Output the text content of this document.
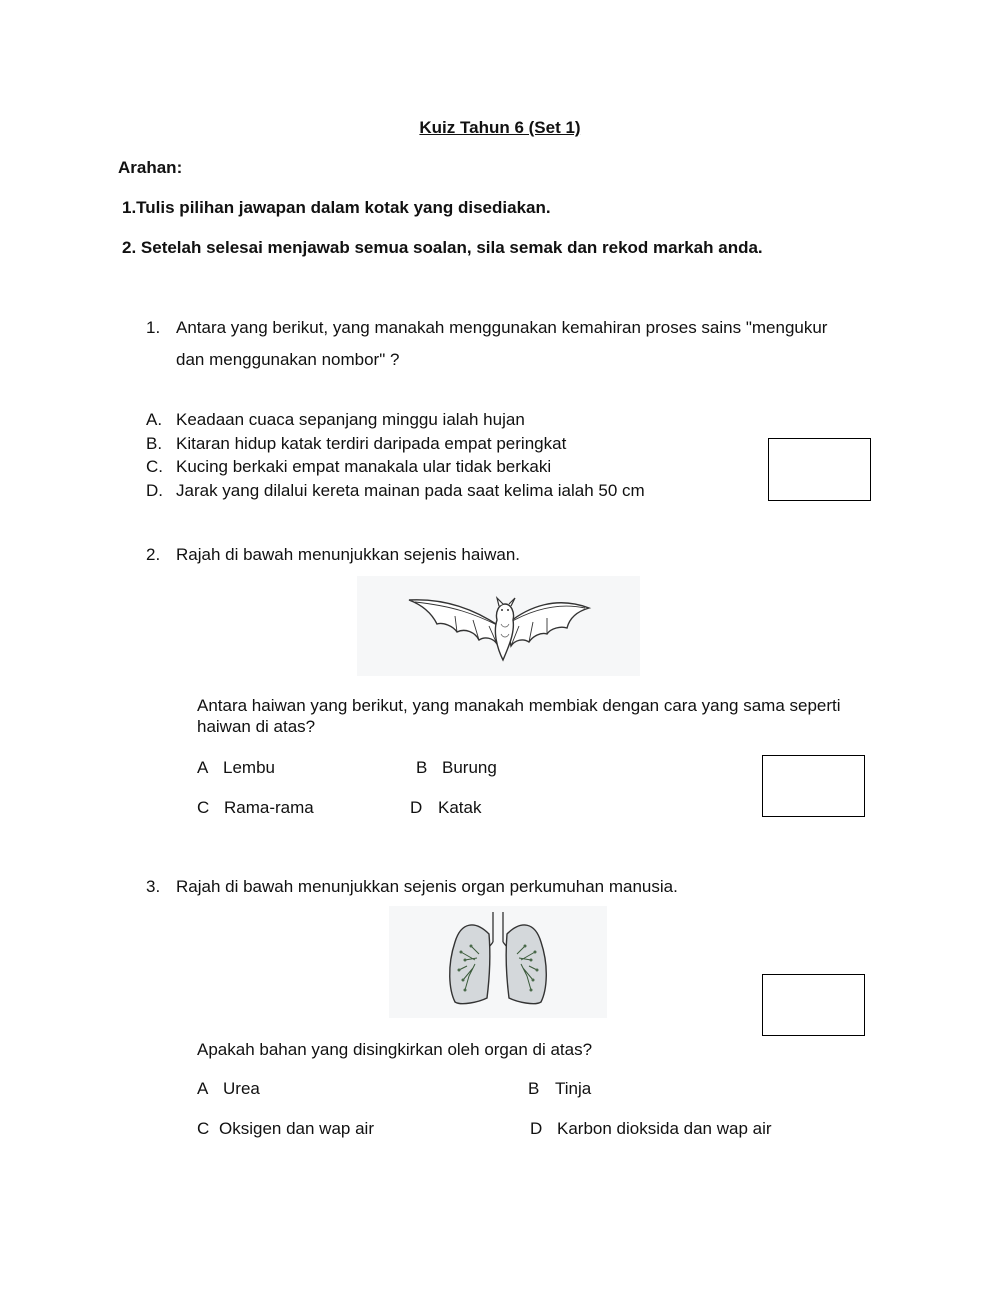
Kuiz Tahun 6 (Set 1)
Arahan:
1.Tulis pilihan jawapan dalam kotak yang disediakan.
2. Setelah selesai menjawab semua soalan, sila semak dan rekod markah anda.
1. Antara yang berikut, yang manakah menggunakan kemahiran proses sains "mengukur
dan menggunakan nombor" ?
A. Keadaan cuaca sepanjang minggu ialah hujan
B. Kitaran hidup katak terdiri daripada empat peringkat
C. Kucing berkaki empat manakala ular tidak berkaki
D. Jarak yang dilalui kereta mainan pada saat kelima ialah 50 cm
2. Rajah di bawah menunjukkan sejenis haiwan.
Antara haiwan yang berikut, yang manakah membiak dengan cara yang sama seperti
haiwan di atas?
A Lembu	B Burung
C Rama-rama	D Katak
3. Rajah di bawah menunjukkan sejenis organ perkumuhan manusia.
Apakah bahan yang disingkirkan oleh organ di atas?
A Urea	B Tinja
C Oksigen dan wap air	D Karbon dioksida dan wap air
